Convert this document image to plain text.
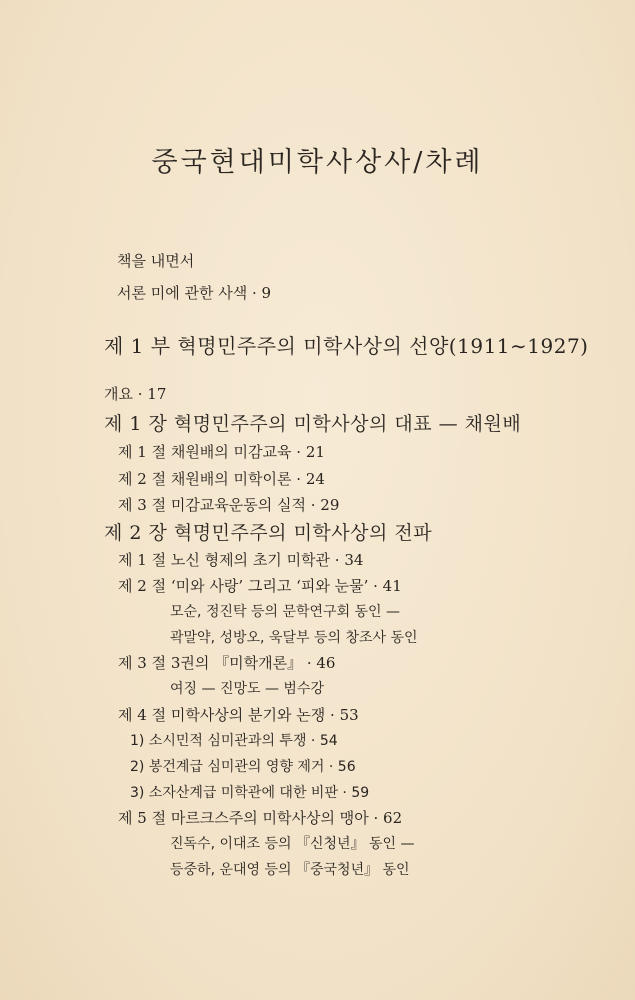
중국현대미학사상사/차례
책을 내면서
서론 미에 관한 사색 · 9
제 1 부 혁명민주주의 미학사상의 선양(1911∼1927)
개요 · 17
제 1 장 혁명민주주의 미학사상의 대표 — 채원배
제 1 절 채원배의 미감교육 · 21
제 2 절 채원배의 미학이론 · 24
제 3 절 미감교육운동의 실적 · 29
제 2 장 혁명민주주의 미학사상의 전파
제 1 절 노신 형제의 초기 미학관 · 34
제 2 절 ‘미와 사랑’ 그리고 ‘피와 눈물’ · 41
모순, 정진탁 등의 문학연구회 동인 —
곽말약, 성방오, 욱달부 등의 창조사 동인
제 3 절 3권의 『미학개론』 · 46
여징 — 진망도 — 범수강
제 4 절 미학사상의 분기와 논쟁 · 53
1) 소시민적 심미관과의 투쟁 · 54
2) 봉건계급 심미관의 영향 제거 · 56
3) 소자산계급 미학관에 대한 비판 · 59
제 5 절 마르크스주의 미학사상의 맹아 · 62
진독수, 이대조 등의 『신청년』 동인 —
등중하, 운대영 등의 『중국청년』 동인
